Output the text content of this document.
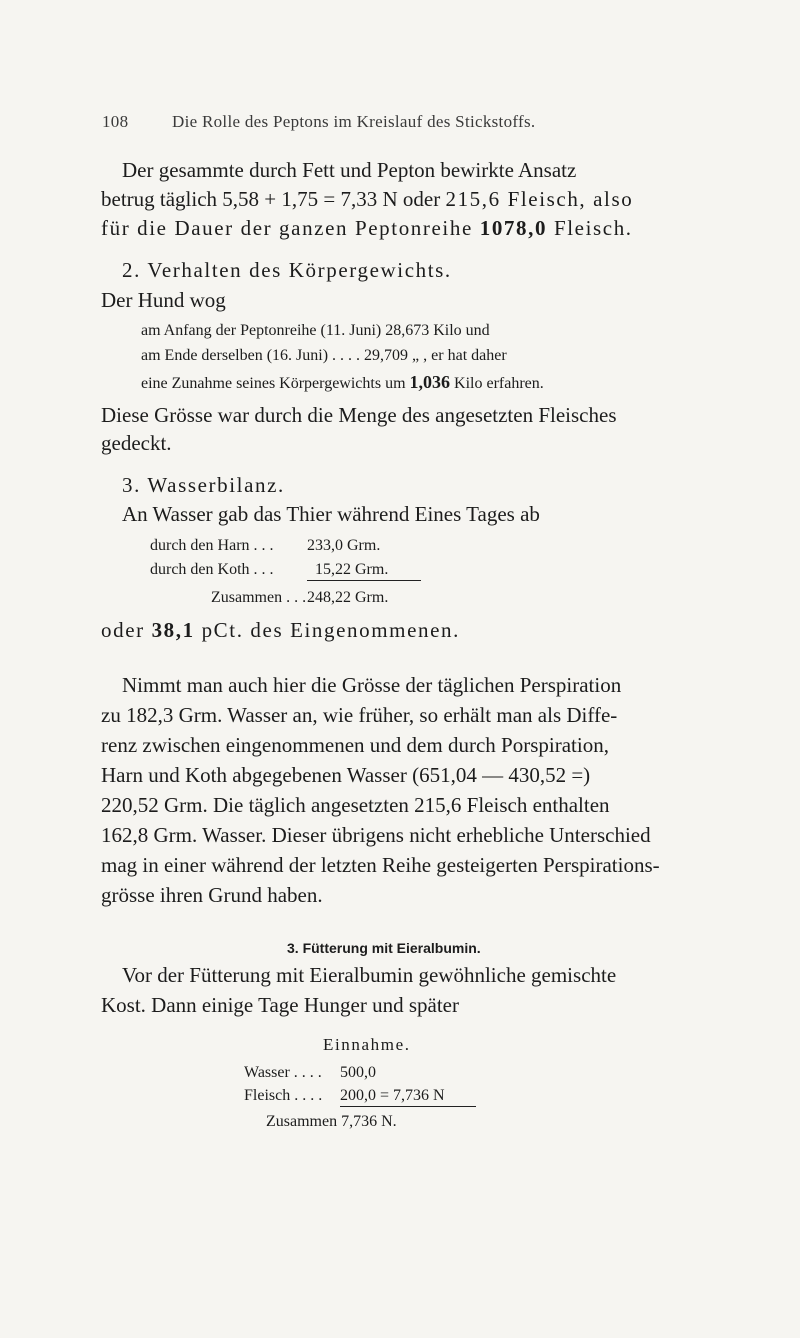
108	Die Rolle des Peptons im Kreislauf des Stickstoffs.
Der gesammte durch Fett und Pepton bewirkte Ansatz
betrug täglich 5,58 + 1,75 = 7,33 N oder 215,6 Fleisch, also
für die Dauer der ganzen Peptonreihe 1078,0 Fleisch.
2. Verhalten des Körpergewichts.
Der Hund wog
am Anfang der Peptonreihe (11. Juni) 28,673 Kilo und
am Ende derselben (16. Juni) . . . . 29,709 „ , er hat daher
eine Zunahme seines Körpergewichts um 1,036 Kilo erfahren.
Diese Grösse war durch die Menge des angesetzten Fleisches
gedeckt.
3. Wasserbilanz.
An Wasser gab das Thier während Eines Tages ab
durch den Harn . . . 233,0 Grm.
durch den Koth . . .	15,22 Grm.
Zusammen . . .248,22 Grm.
oder 38,1 pCt. des Eingenommenen.
Nimmt man auch hier die Grösse der täglichen Perspiration
zu 182,3 Grm. Wasser an, wie früher, so erhält man als Diffe-
renz zwischen eingenommenen und dem durch Porspiration,
Harn und Koth abgegebenen Wasser (651,04 — 430,52 =)
220,52 Grm. Die täglich angesetzten 215,6 Fleisch enthalten
162,8 Grm. Wasser. Dieser übrigens nicht erhebliche Unterschied
mag in einer während der letzten Reihe gesteigerten Perspirations-
grösse ihren Grund haben.
3. Fütterung mit Eieralbumin.
Vor der Fütterung mit Eieralbumin gewöhnliche gemischte
Kost. Dann einige Tage Hunger und später
Einnahme.
Wasser . . . . 500,0
Fleisch . . . . 200,0 = 7,736 N
Zusammen 7,736 N.
